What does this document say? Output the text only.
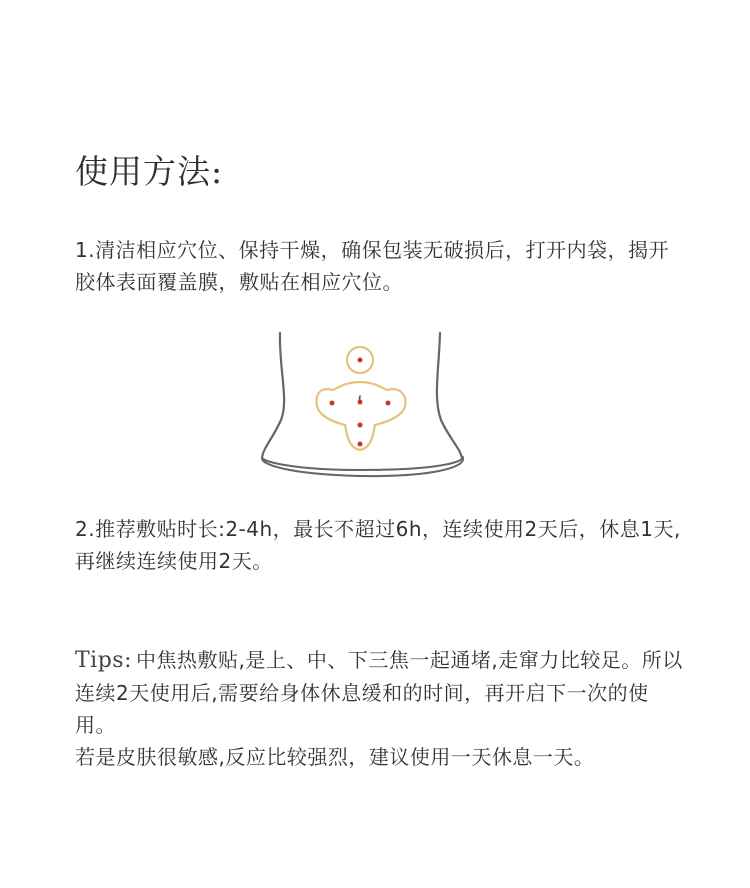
使用方法:
1.清洁相应穴位、保持干燥，确保包装无破损后，打开内袋，揭开胶体表面覆盖膜，敷贴在相应穴位。
2.推荐敷贴时长:2-4h，最长不超过6h，连续使用2天后，休息1天,再继续连续使用2天。
Tips: 中焦热敷贴,是上、中、下三焦一起通堵,走窜力比较足。所以连续2天使用后,需要给身体休息缓和的时间，再开启下一次的使用。
若是皮肤很敏感,反应比较强烈，建议使用一天休息一天。
